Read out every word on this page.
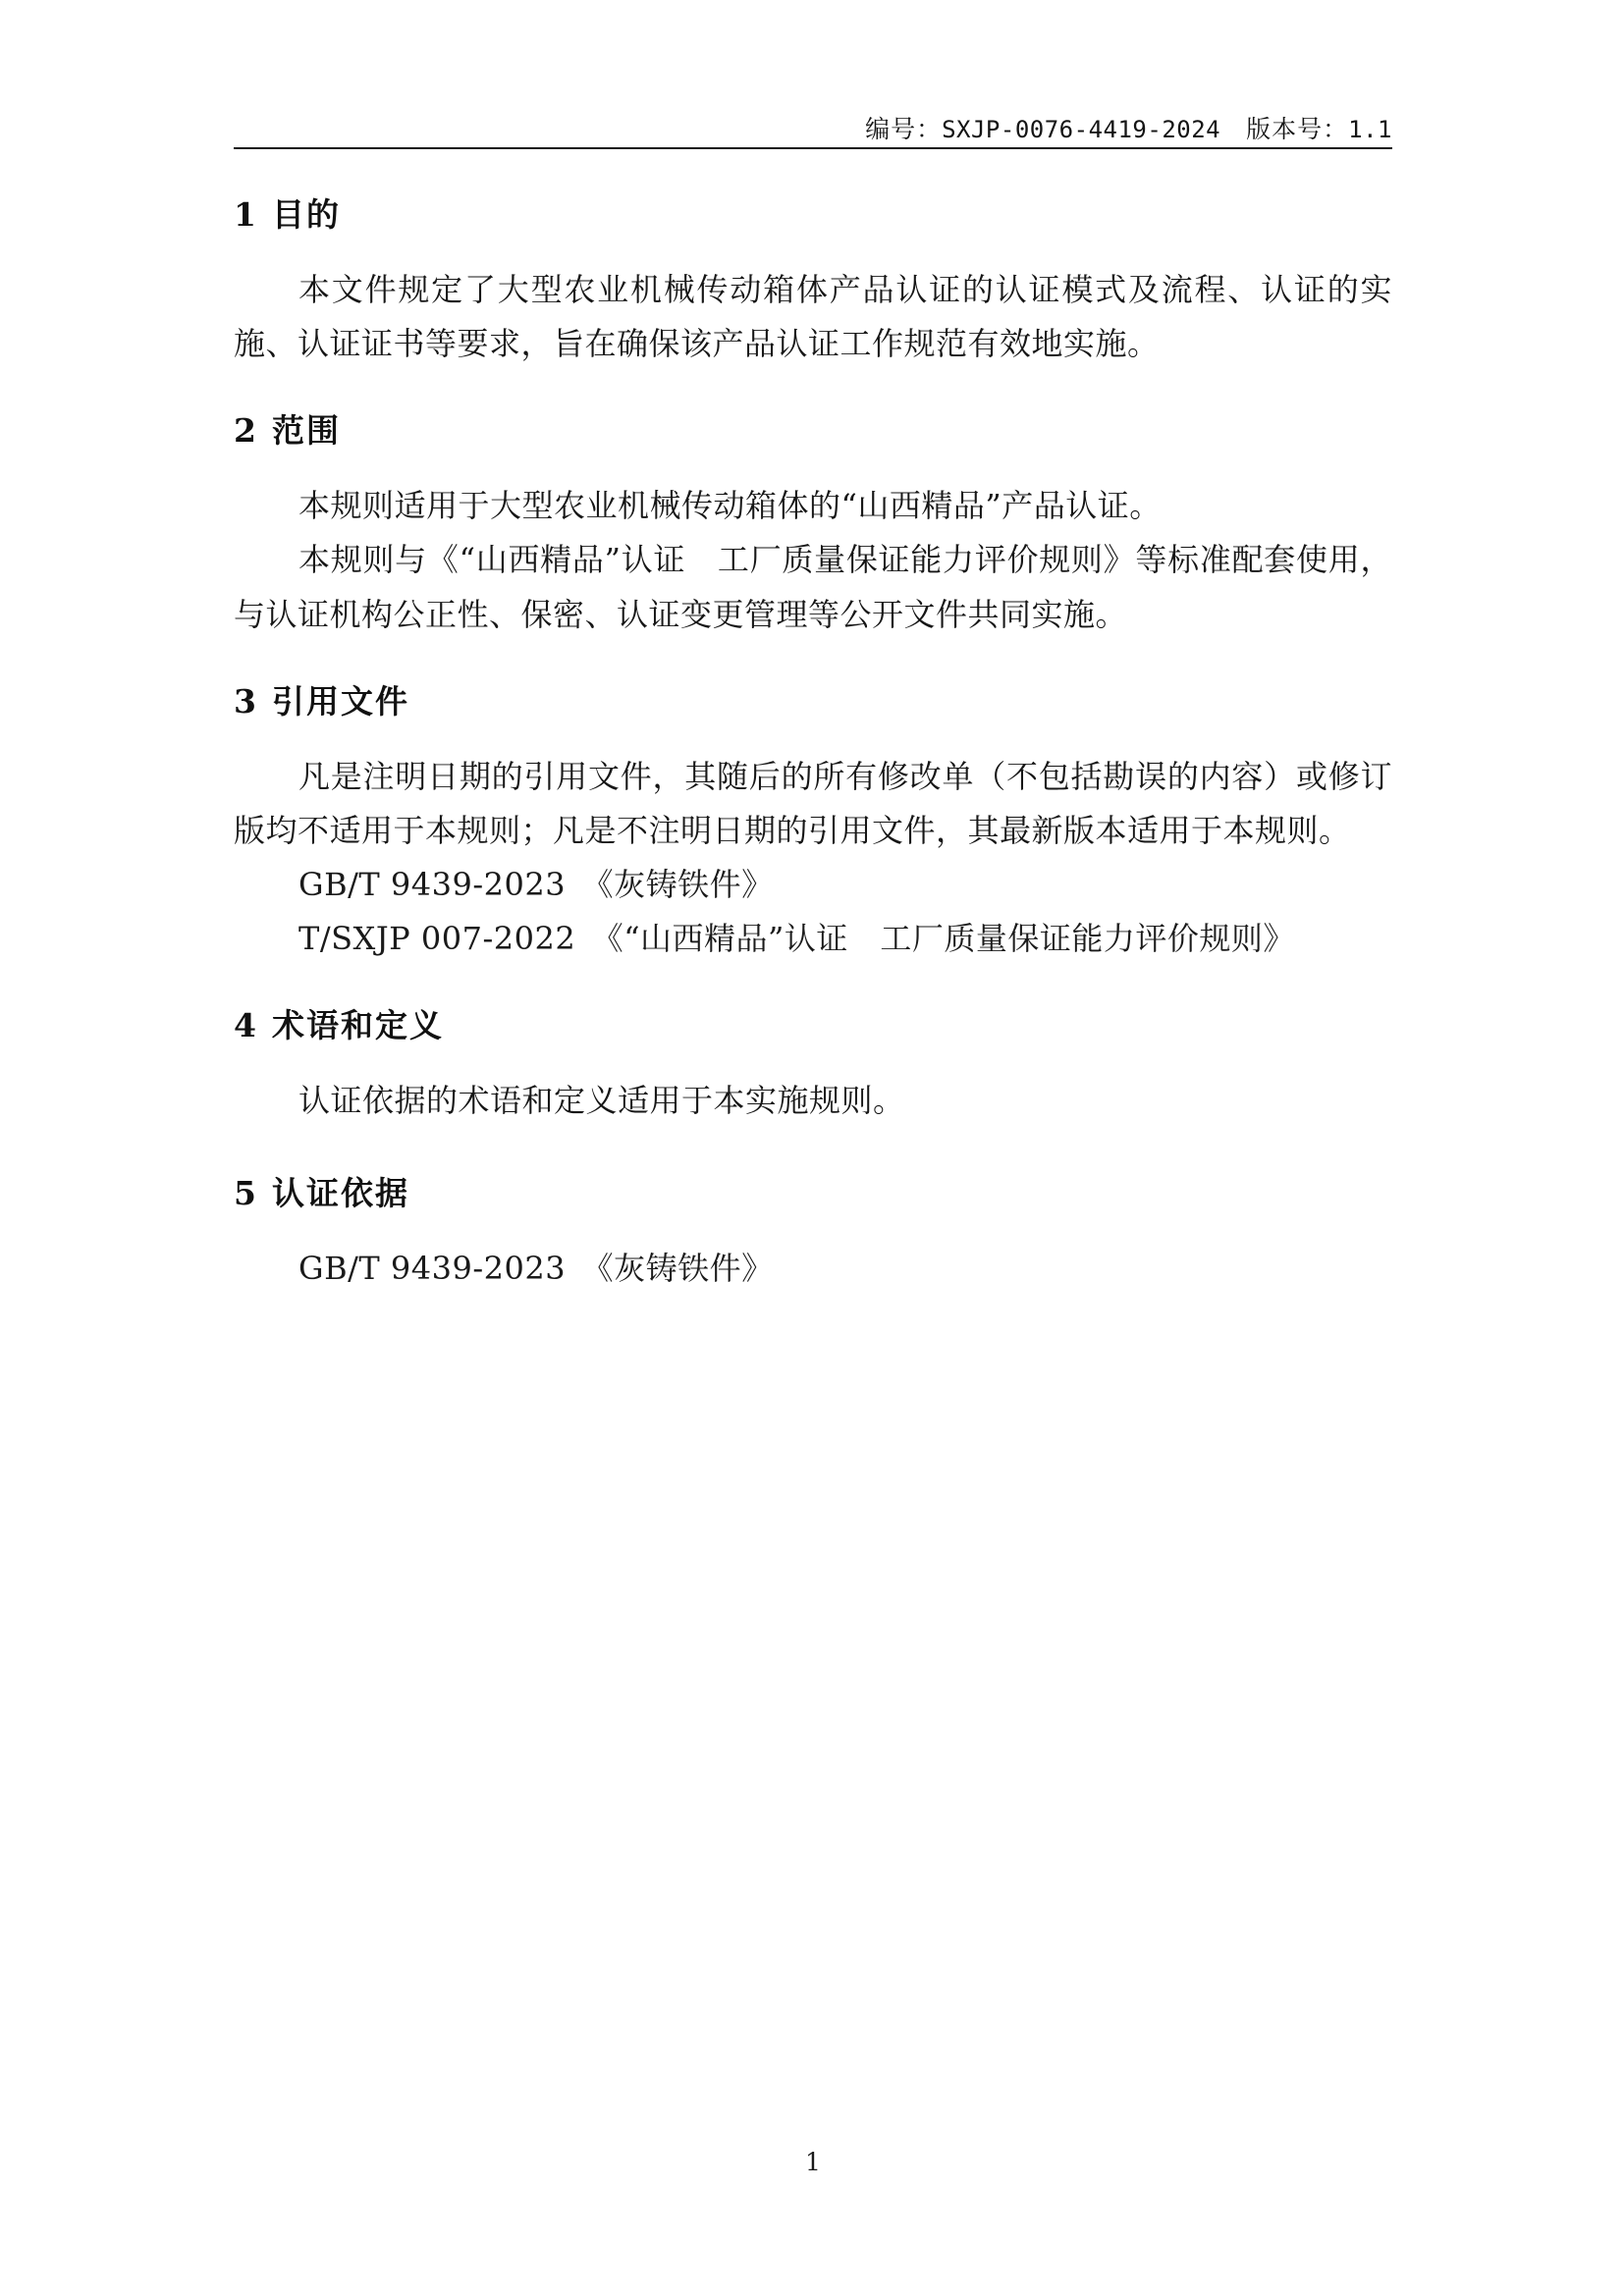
编号：SXJP-0076-4419-2024 版本号：1.1
1 目的

本文件规定了大型农业机械传动箱体产品认证的认证模式及流程、认证的实施、认证证书等要求，旨在确保该产品认证工作规范有效地实施。

2 范围

本规则适用于大型农业机械传动箱体的“山西精品”产品认证。

本规则与《“山西精品”认证　工厂质量保证能力评价规则》等标准配套使用，与认证机构公正性、保密、认证变更管理等公开文件共同实施。

3 引用文件

凡是注明日期的引用文件，其随后的所有修改单（不包括勘误的内容）或修订版均不适用于本规则；凡是不注明日期的引用文件，其最新版本适用于本规则。

GB/T 9439-2023　《灰铸铁件》

T/SXJP 007-2022　《“山西精品”认证　工厂质量保证能力评价规则》

4 术语和定义

认证依据的术语和定义适用于本实施规则。

5 认证依据

GB/T 9439-2023　《灰铸铁件》

1
